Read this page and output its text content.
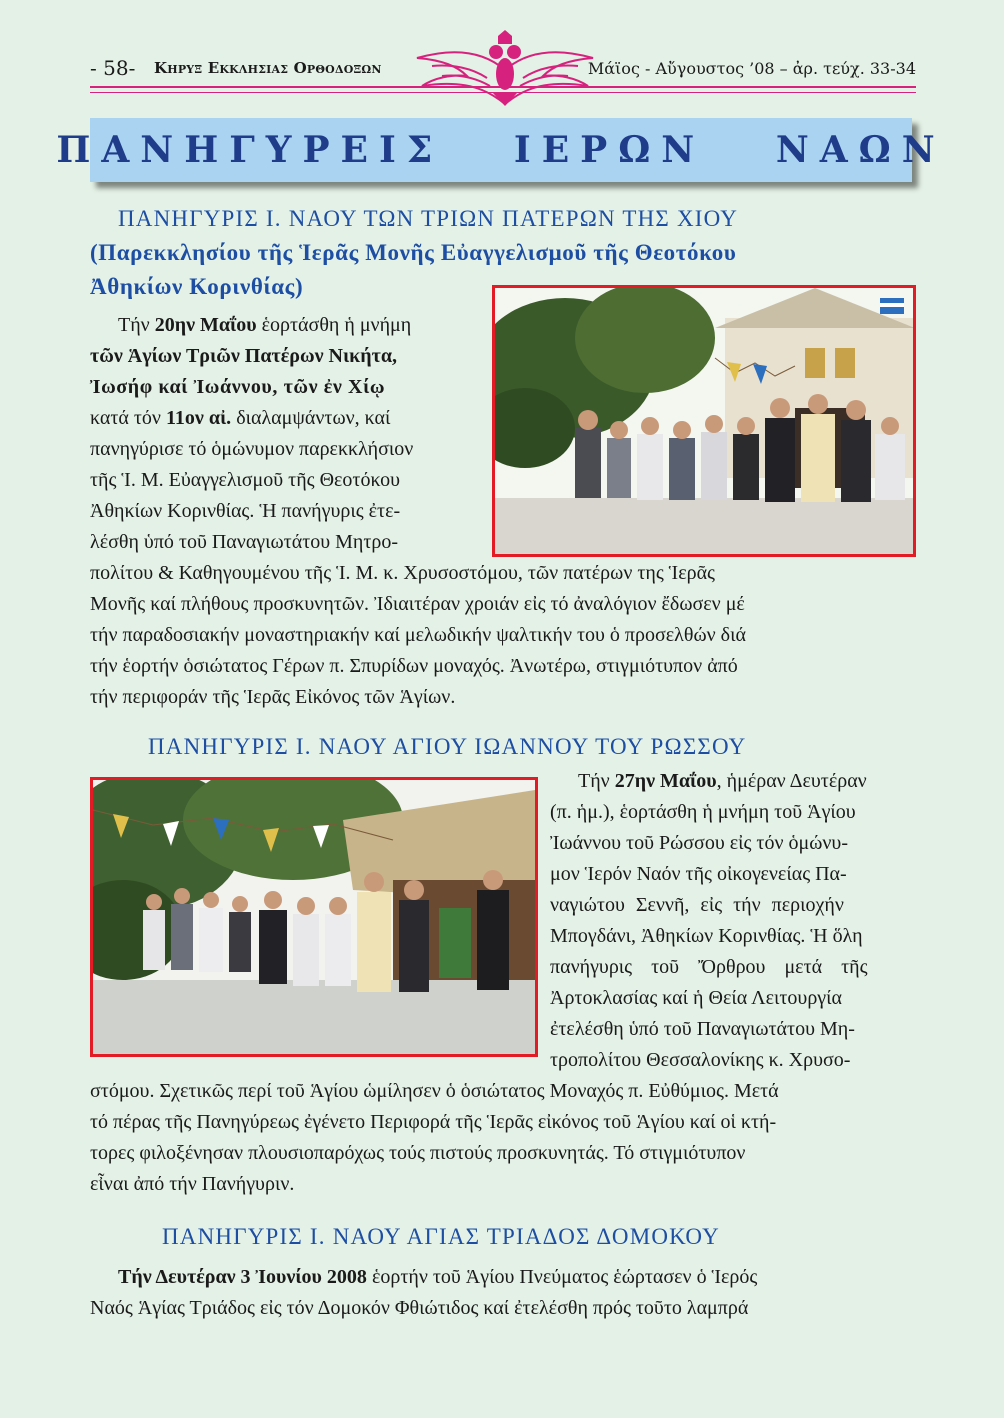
- 58- Κηρυξ Εκκλησιας Ορθοδοξων	Μάϊος - Αὔγουστος ’08 – ἀρ. τεύχ. 33-34
ΠΑΝΗΓΥΡΕΙΣ
ΙΕΡΩΝ
ΝΑΩΝ
ΠΑΝΗΓΥΡΙΣ Ι. ΝΑΟΥ ΤΩΝ ΤΡΙΩΝ ΠΑΤΕΡΩΝ ΤΗΣ ΧΙΟΥ
(Παρεκκλησίου τῆς Ἱερᾶς Μονῆς Εὐαγγελισμοῦ τῆς Θεοτόκου
Ἀθηκίων Κορινθίας)
Τήν 20ην Μαΐου ἑορτάσθη ἡ μνήμη
τῶν Ἁγίων Τριῶν Πατέρων Νικήτα,
Ἰωσήφ καί Ἰωάννου, τῶν ἐν Χίῳ
κατά τόν 11ον αἰ. διαλαμψάντων, καί
πανηγύρισε τό ὁμώνυμον παρεκκλήσιον
τῆς Ἱ. Μ. Εὐαγγελισμοῦ τῆς Θεοτόκου
Ἀθηκίων Κορινθίας. Ἡ πανήγυρις ἐτε-
λέσθη ὑπό τοῦ Παναγιωτάτου Μητρο-
πολίτου & Καθηγουμένου τῆς Ἱ. Μ. κ. Χρυσοστόμου, τῶν πατέρων της Ἱερᾶς
Μονῆς καί πλήθους προσκυνητῶν. Ἰδιαιτέραν χροιάν εἰς τό ἀναλόγιον ἔδωσεν μέ
τήν παραδοσιακήν μοναστηριακήν καί μελωδικήν ψαλτικήν του ὁ προσελθών διά
τήν ἑορτήν ὁσιώτατος Γέρων π. Σπυρίδων μοναχός. Ἀνωτέρω, στιγμιότυπον ἀπό
τήν περιφοράν τῆς Ἱερᾶς Εἰκόνος τῶν Ἁγίων.
ΠΑΝΗΓΥΡΙΣ Ι. ΝΑΟΥ ΑΓΙΟΥ ΙΩΑΝΝΟΥ ΤΟΥ ΡΩΣΣΟΥ
Τήν 27ην Μαΐου, ἡμέραν Δευτέραν
(π. ἡμ.), ἑορτάσθη ἡ μνήμη τοῦ Ἁγίου
Ἰωάννου τοῦ Ρώσσου εἰς τόν ὁμώνυ-
μον Ἱερόν Ναόν τῆς οἰκογενείας Πα-
ναγιώτου Σεννῆ, εἰς τήν περιοχήν
Μπογδάνι, Ἀθηκίων Κορινθίας. Ἡ ὅλη
πανήγυρις τοῦ Ὄρθρου μετά τῆς
Ἀρτοκλασίας καί ἡ Θεία Λειτουργία
ἐτελέσθη ὑπό τοῦ Παναγιωτάτου Μη-
τροπολίτου Θεσσαλονίκης κ. Χρυσο-
στόμου. Σχετικῶς περί τοῦ Ἁγίου ὡμίλησεν ὁ ὁσιώτατος Μοναχός π. Εὐθύμιος. Μετά
τό πέρας τῆς Πανηγύρεως ἐγένετο Περιφορά τῆς Ἱερᾶς εἰκόνος τοῦ Ἁγίου καί οἱ κτή-
τορες φιλοξένησαν πλουσιοπαρόχως τούς πιστούς προσκυνητάς. Τό στιγμιότυπον
εἶναι ἀπό τήν Πανήγυριν.
ΠΑΝΗΓΥΡΙΣ Ι. ΝΑΟΥ ΑΓΙΑΣ ΤΡΙΑΔΟΣ ΔΟΜΟΚΟΥ
Τήν Δευτέραν 3 Ἰουνίου 2008 ἑορτήν τοῦ Ἁγίου Πνεύματος ἑώρτασεν ὁ Ἱερός
Ναός Ἁγίας Τριάδος εἰς τόν Δομοκόν Φθιώτιδος καί ἐτελέσθη πρός τοῦτο λαμπρά
